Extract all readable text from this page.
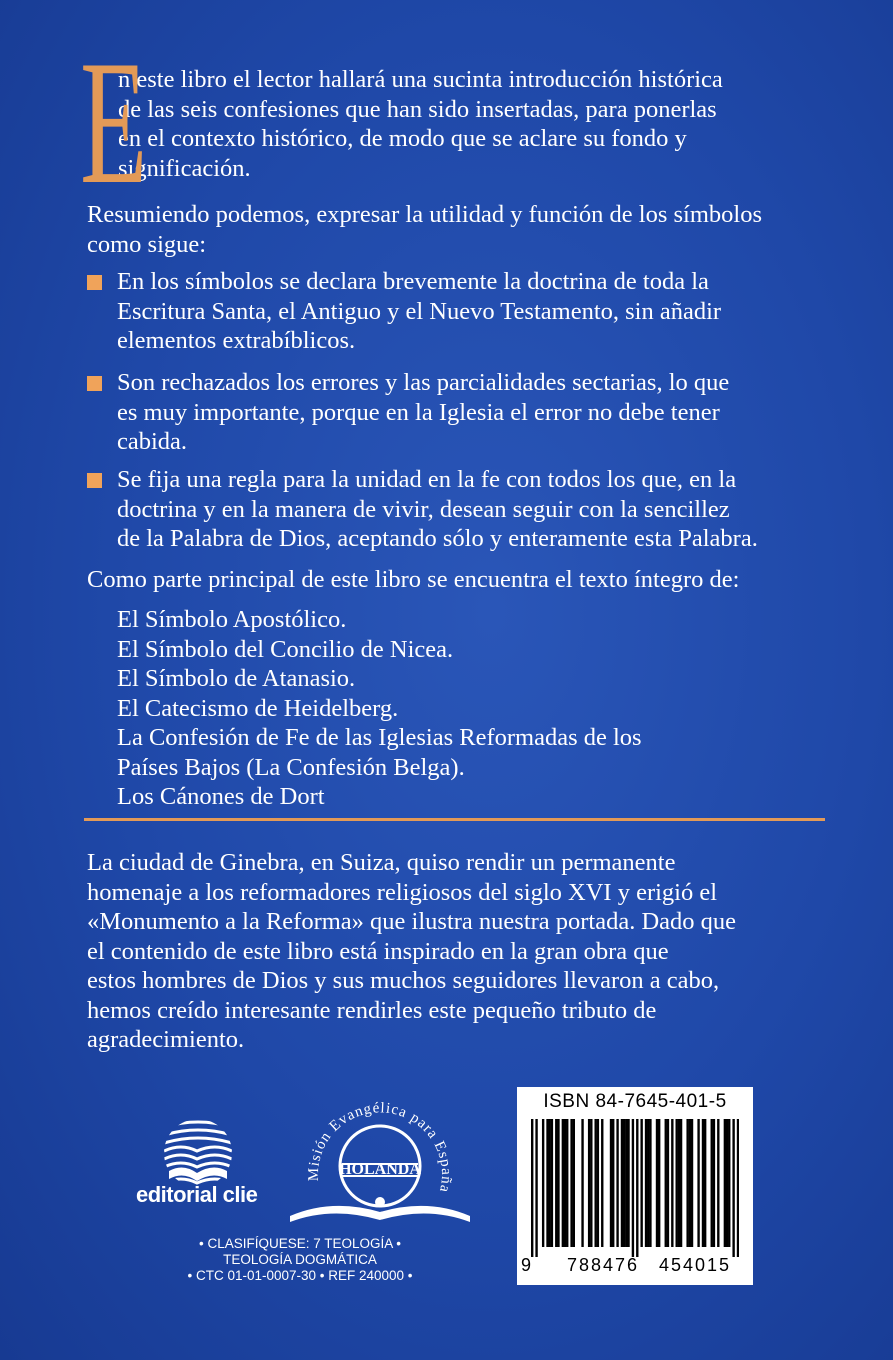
E
n este libro el lector hallará una sucinta introducción histórica
de las seis confesiones que han sido insertadas, para ponerlas
en el contexto histórico, de modo que se aclare su fondo y
significación.
Resumiendo podemos, expresar la utilidad y función de los símbolos
como sigue:
En los símbolos se declara brevemente la doctrina de toda la
Escritura Santa, el Antiguo y el Nuevo Testamento, sin añadir
elementos extrabíblicos.
Son rechazados los errores y las parcialidades sectarias, lo que
es muy importante, porque en la Iglesia el error no debe tener
cabida.
Se fija una regla para la unidad en la fe con todos los que, en la
doctrina y en la manera de vivir, desean seguir con la sencillez
de la Palabra de Dios, aceptando sólo y enteramente esta Palabra.
Como parte principal de este libro se encuentra el texto íntegro de:
El Símbolo Apostólico.
El Símbolo del Concilio de Nicea.
El Símbolo de Atanasio.
El Catecismo de Heidelberg.
La Confesión de Fe de las Iglesias Reformadas de los
Países Bajos (La Confesión Belga).
Los Cánones de Dort
La ciudad de Ginebra, en Suiza, quiso rendir un permanente
homenaje a los reformadores religiosos del siglo XVI y erigió el
«Monumento a la Reforma» que ilustra nuestra portada. Dado que
el contenido de este libro está inspirado en la gran obra que
estos hombres de Dios y sus muchos seguidores llevaron a cabo,
hemos creído interesante rendirles este pequeño tributo de
agradecimiento.
editorial clie
Misión Evangélica para España
HOLANDA
• CLASIFÍQUESE: 7 TEOLOGÍA •
TEOLOGÍA DOGMÁTICA
• CTC 01-01-0007-30 • REF 240000 •
ISBN 84-7645-401-5
9 788476 454015
